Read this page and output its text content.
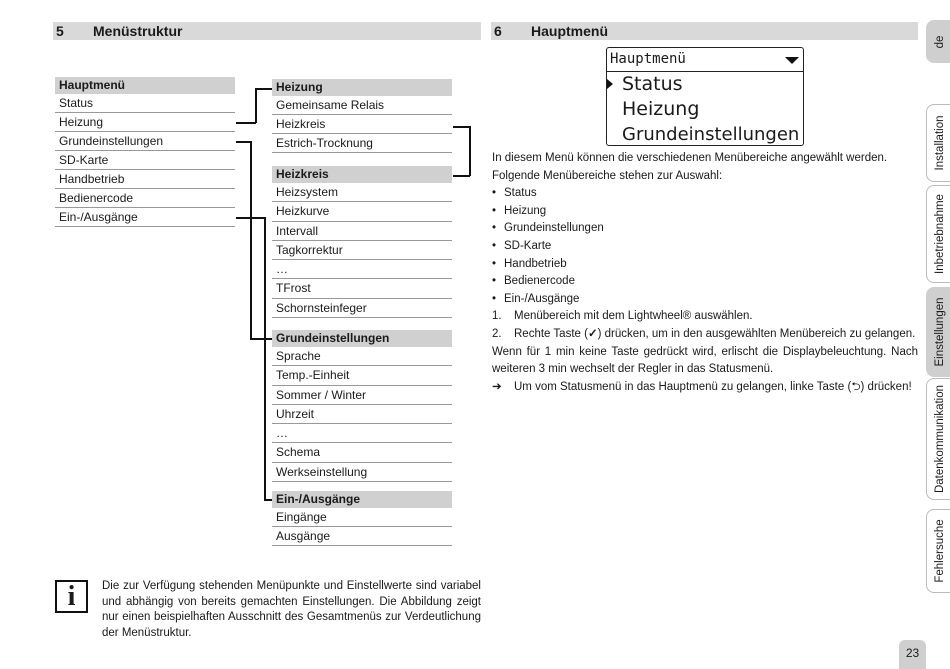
5 Menüstruktur	6 Hauptmenü
Hauptmenü
Status
Heizung
Grundeinstellungen
SD-Karte
Handbetrieb
Bedienercode
Ein-/Ausgänge
Heizung
Gemeinsame Relais
Heizkreis
Estrich-Trocknung
Heizkreis
Heizsystem
Heizkurve
Intervall
Tagkorrektur
…
TFrost
Schornsteinfeger
Grundeinstellungen
Sprache
Temp.-Einheit
Sommer / Winter
Uhrzeit
…
Schema
Werkseinstellung
Ein-/Ausgänge
Eingänge
Ausgänge
i	Die zur Verfügung stehenden Menüpunkte und Einstellwerte sind variabel und abhängig von bereits gemachten Einstellungen. Die Abbildung zeigt nur einen beispielhaften Ausschnitt des Gesamtmenüs zur Verdeutlichung der Menüstruktur.
Hauptmenü
Status
Heizung
Grundeinstellungen

In diesem Menü können die verschiedenen Menübereiche angewählt werden.

Folgende Menübereiche stehen zur Auswahl:

• Status

• Heizung

• Grundeinstellungen

• SD-Karte

• Handbetrieb

• Bedienercode

• Ein-/Ausgänge

1. Menübereich mit dem Lightwheel® auswählen.

2. Rechte Taste (✓) drücken, um in den ausgewählten Menübereich zu gelangen.

Wenn für 1 min keine Taste gedrückt wird, erlischt die Displaybeleuchtung. Nach weiteren 3 min wechselt der Regler in das Statusmenü.

➔ Um vom Statusmenü in das Hauptmenü zu gelangen, linke Taste (⮌) drücken!

de
Installation
Inbetriebnahme
Einstellungen
Datenkommunikation
Fehlersuche
23
